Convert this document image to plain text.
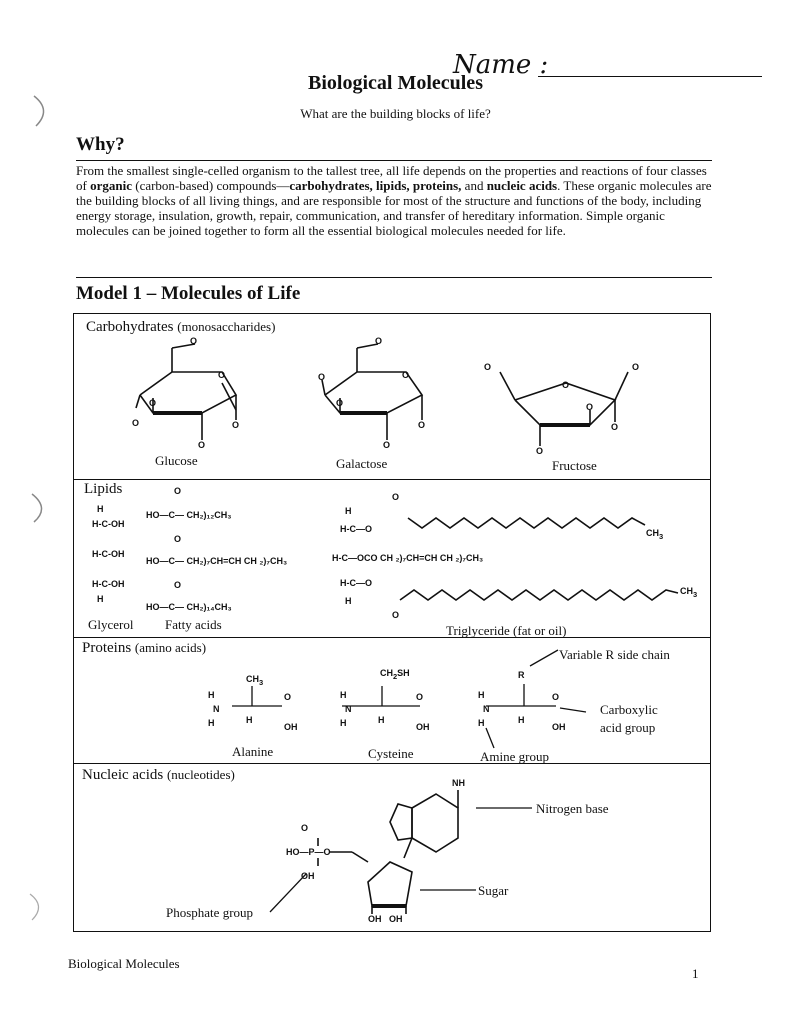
Name :
Biological Molecules
What are the building blocks of life?
Why?
From the smallest single-celled organism to the tallest tree, all life depends on the properties and reactions of four classes of organic (carbon-based) compounds—carbohydrates, lipids, proteins, and nucleic acids. These organic molecules are the building blocks of all living things, and are responsible for most of the structure and functions of the body, including energy storage, insulation, growth, repair, communication, and transfer of hereditary information. Simple organic molecules can be joined together to form all the essential biological molecules needed for life.
Model 1 – Molecules of Life
Carbohydrates (monosaccharides)
Lipids
Proteins (amino acids)
Nucleic acids (nucleotides)
O
O
O
O
O
O
O
O
O
O
O
O
O
O
O
O
O
O
Glucose	Galactose	Fructose
H
H-C-OH

H-C-OH

H-C-OH
H
O
HO—C— CH₂)₁₂CH₃
O
HO—C— CH₂)₇CH=CH CH ₂)₇CH₃
O
HO—C— CH₂)₁₄CH₃
H
H-C—O

H-C—O
H
H-C—OCO CH ₂)₇CH=CH CH ₂)₇CH₃
O
O
$CH_3$
$CH_3$
Glycerol Fatty acids	Triglyceride (fat or oil)
H
N
H
$CH_3$
H
O
OH
H
N
H
$CH_2SH$
H
O
OH
H
N
H
R
H
O
OH
Alanine	Cysteine	Amine group
Carboxylic
acid group
Variable R side chain
NH
O

HO—P—O

OH
OH   OH
Nitrogen base
Sugar
Phosphate group
Biological Molecules
1
